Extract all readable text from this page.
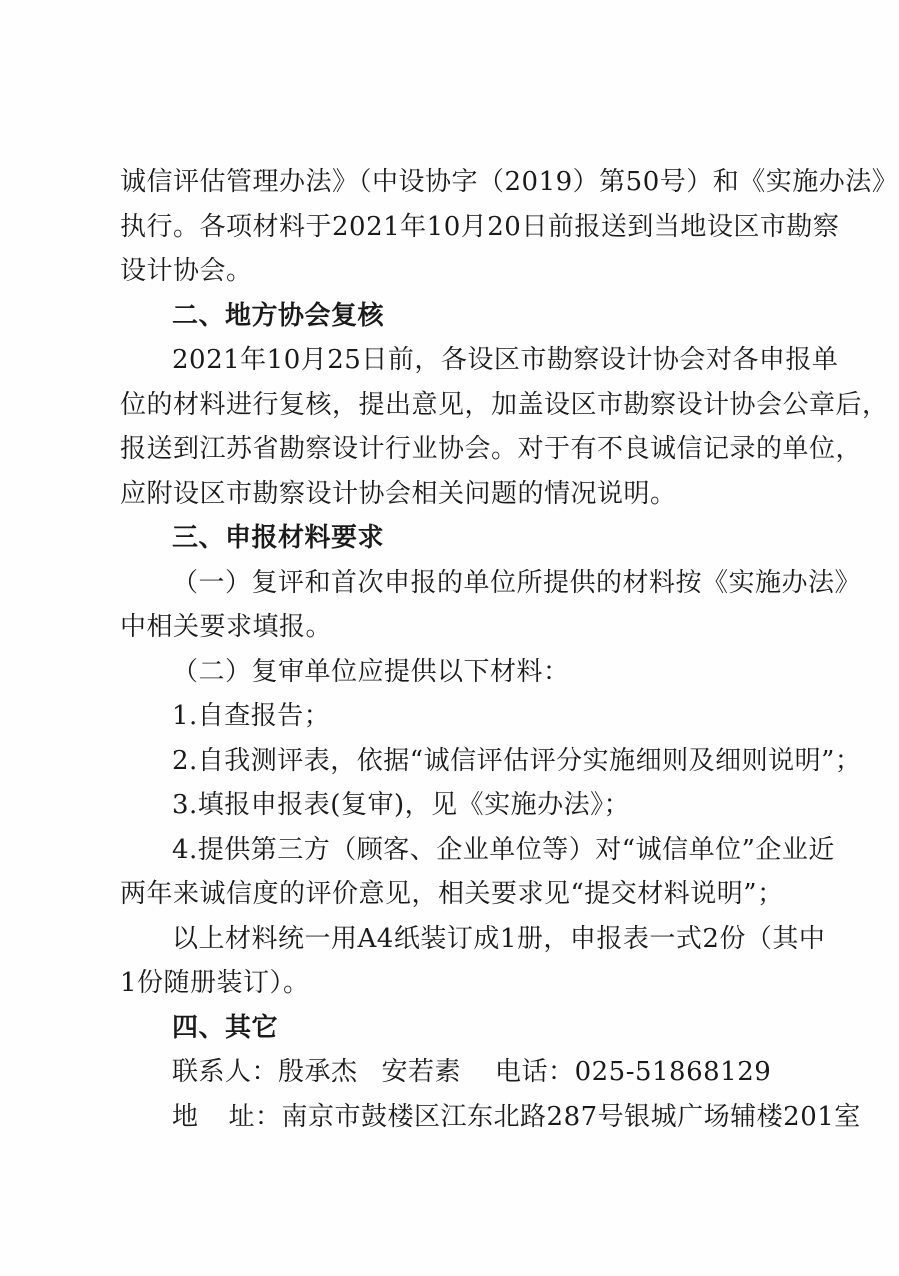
诚信评估管理办法》（中设协字（2019）第50号）和《实施办法》
执行。各项材料于2021年10月20日前报送到当地设区市勘察
设计协会。
二、地方协会复核
2021年10月25日前，各设区市勘察设计协会对各申报单
位的材料进行复核，提出意见，加盖设区市勘察设计协会公章后，
报送到江苏省勘察设计行业协会。对于有不良诚信记录的单位，
应附设区市勘察设计协会相关问题的情况说明。
三、申报材料要求
（一）复评和首次申报的单位所提供的材料按《实施办法》
中相关要求填报。
（二）复审单位应提供以下材料：
1.自查报告；
2.自我测评表，依据“诚信评估评分实施细则及细则说明”；
3.填报申报表(复审)，见《实施办法》；
4.提供第三方（顾客、企业单位等）对“诚信单位”企业近
两年来诚信度的评价意见，相关要求见“提交材料说明”；
以上材料统一用A4纸装订成1册，申报表一式2份（其中
1份随册装订）。
四、其它
联系人：殷承杰 安若素 电话：025-51868129
地 址：南京市鼓楼区江东北路287号银城广场辅楼201室
